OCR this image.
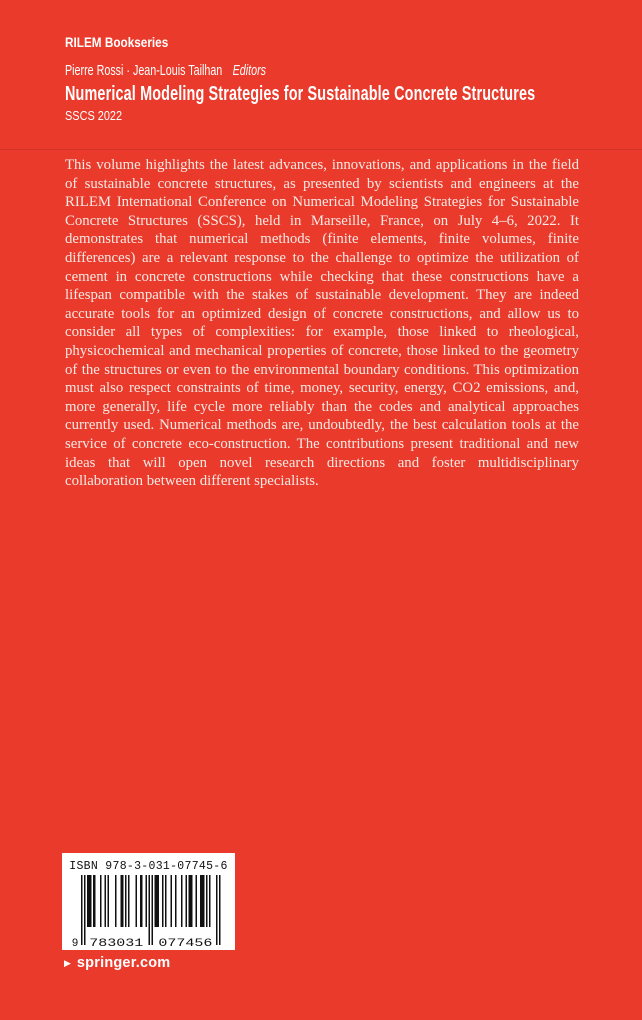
RILEM Bookseries
Pierre Rossi · Jean-Louis Tailhan Editors
Numerical Modeling Strategies for Sustainable Concrete Structures
SSCS 2022

This volume highlights the latest advances, innovations, and applications in the field of sustainable concrete structures, as presented by scientists and engineers at the RILEM International Conference on Numerical Modeling Strategies for Sustainable Concrete Structures (SSCS), held in Marseille, France, on July 4–6, 2022. It demonstrates that numerical methods (finite elements, finite volumes, finite differences) are a relevant response to the challenge to optimize the utilization of cement in concrete constructions while checking that these constructions have a lifespan compatible with the stakes of sustainable development. They are indeed accurate tools for an optimized design of concrete constructions, and allow us to consider all types of complexities: for example, those linked to rheological, physicochemical and mechanical properties of concrete, those linked to the geometry of the structures or even to the environmental boundary conditions. This optimization must also respect constraints of time, money, security, energy, CO2 emissions, and, more generally, life cycle more reliably than the codes and analytical approaches currently used. Numerical methods are, undoubtedly, the best calculation tools at the service of concrete eco-construction. The contributions present traditional and new ideas that will open novel research directions and foster multidisciplinary collaboration between different specialists.

ISBN 978-3-031-07745-6
9 783031 077456
▶ springer.com
